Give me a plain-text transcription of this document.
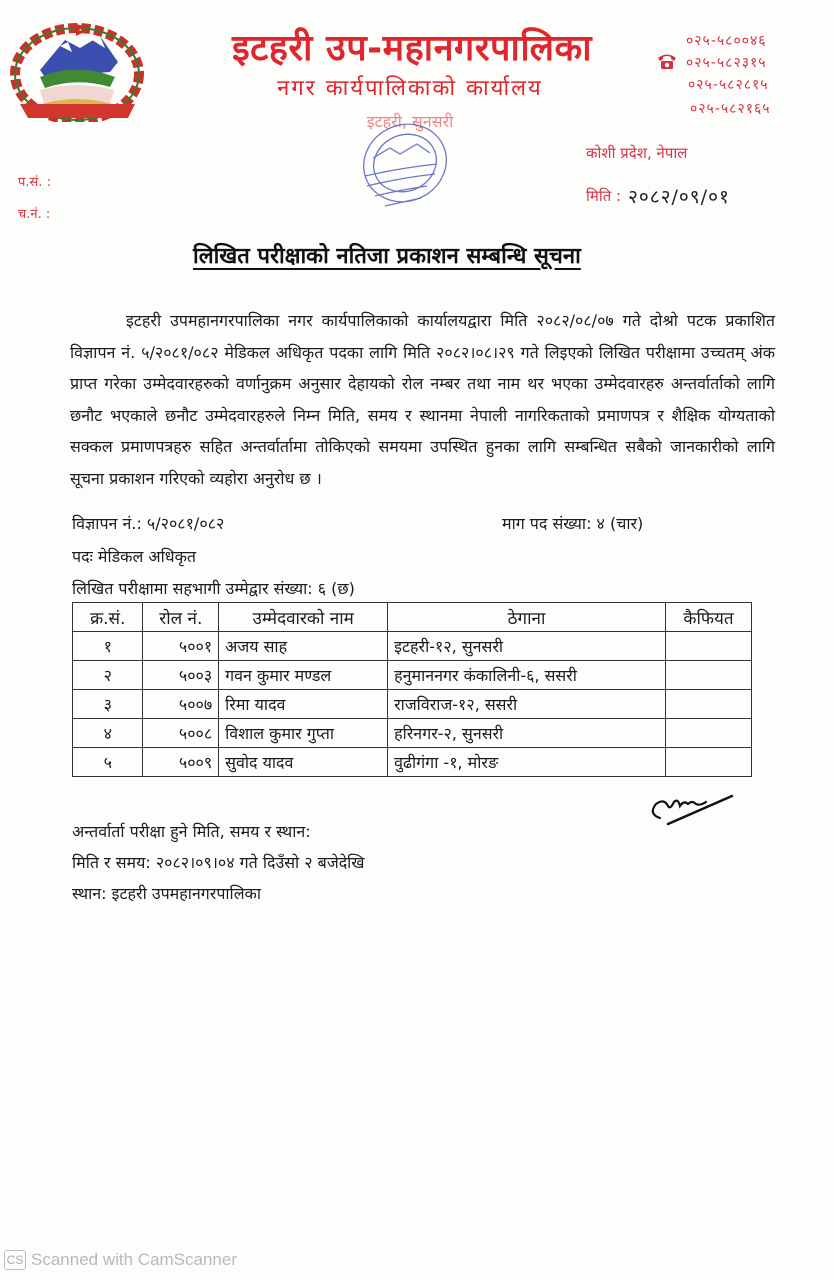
इटहरी उप-महानगरपालिका
नगर कार्यपालिकाको कार्यालय
इटहरी, सुनसरी
०२५-५८००४६
०२५-५८२३१५
०२५-५८२८१५
०२५-५८२१६५
कोशी प्रदेश, नेपाल
मिति : २०८२/०९/०१
प.सं. :
च.नं. :
लिखित परीक्षाको नतिजा प्रकाशन सम्बन्धि सूचना
इटहरी उपमहानगरपालिका नगर कार्यपालिकाको कार्यालयद्वारा मिति २०८२/०८/०७ गते दोश्रो पटक प्रकाशित विज्ञापन नं. ५/२०८१/०८२ मेडिकल अधिकृत पदका लागि मिति २०८२।०८।२९ गते लिइएको लिखित परीक्षामा उच्चतम् अंक प्राप्त गरेका उम्मेदवारहरुको वर्णानुक्रम अनुसार देहायको रोल नम्बर तथा नाम थर भएका उम्मेदवारहरु अन्तर्वार्ताको लागि छनौट भएकाले छनौट उम्मेदवारहरुले निम्न मिति, समय र स्थानमा नेपाली नागरिकताको प्रमाणपत्र र शैक्षिक योग्यताको सक्कल प्रमाणपत्रहरु सहित अन्तर्वार्तामा तोकिएको समयमा उपस्थित हुनका लागि सम्बन्धित सबैको जानकारीको लागि सूचना प्रकाशन गरिएको व्यहोरा अनुरोध छ ।
विज्ञापन नं.: ५/२०८१/०८२	माग पद संख्या: ४ (चार)
पदः मेडिकल अधिकृत
लिखित परीक्षामा सहभागी उम्मेद्वार संख्या: ६ (छ)
क्र.सं.	रोल नं.	उम्मेदवारको नाम	ठेगाना	कैफियत
१	५००१	अजय साह	इटहरी-१२, सुनसरी	
२	५००३	गवन कुमार मण्डल	हनुमाननगर कंकालिनी-६, ससरी	
३	५००७	रिमा यादव	राजविराज-१२, ससरी	
४	५००८	विशाल कुमार गुप्ता	हरिनगर-२, सुनसरी	
५	५००९	सुवोद यादव	वुढीगंगा -१, मोरङ	
अन्तर्वार्ता परीक्षा हुने मिति, समय र स्थान:
मिति र समय: २०८२।०९।०४ गते दिउँसो २ बजेदेखि
स्थान: इटहरी उपमहानगरपालिका
CS Scanned with CamScanner
